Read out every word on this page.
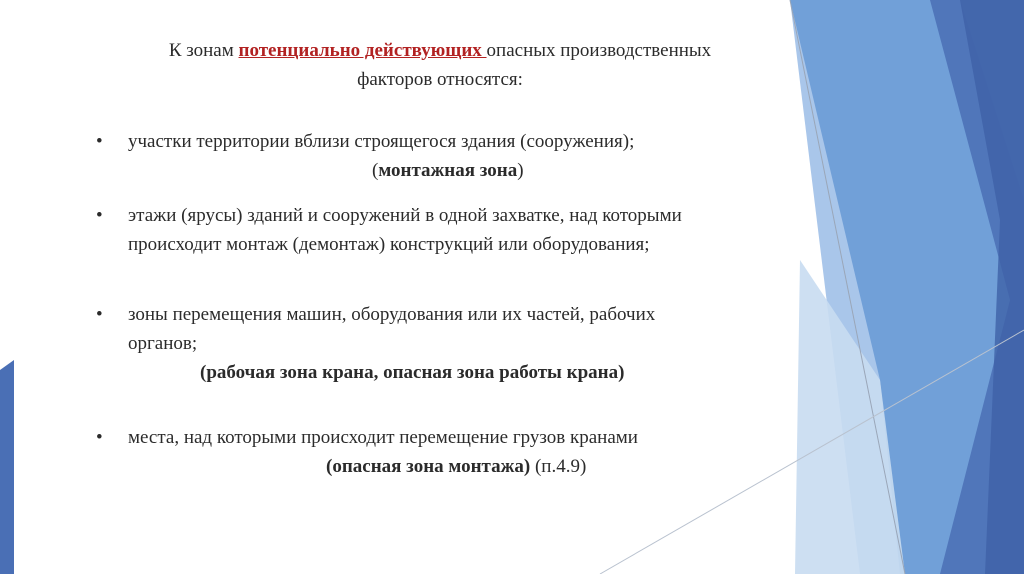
К зонам потенциально действующих опасных производственных
факторов относятся:

• участки территории вблизи строящегося здания (сооружения);
(монтажная зона)
• этажи (ярусы) зданий и сооружений в одной захватке, над которыми
происходит монтаж (демонтаж) конструкций или оборудования;
• зоны перемещения машин, оборудования или их частей, рабочих
органов;
(рабочая зона крана, опасная зона работы крана)
• места, над которыми происходит перемещение грузов кранами
(опасная зона монтажа) (п.4.9)
